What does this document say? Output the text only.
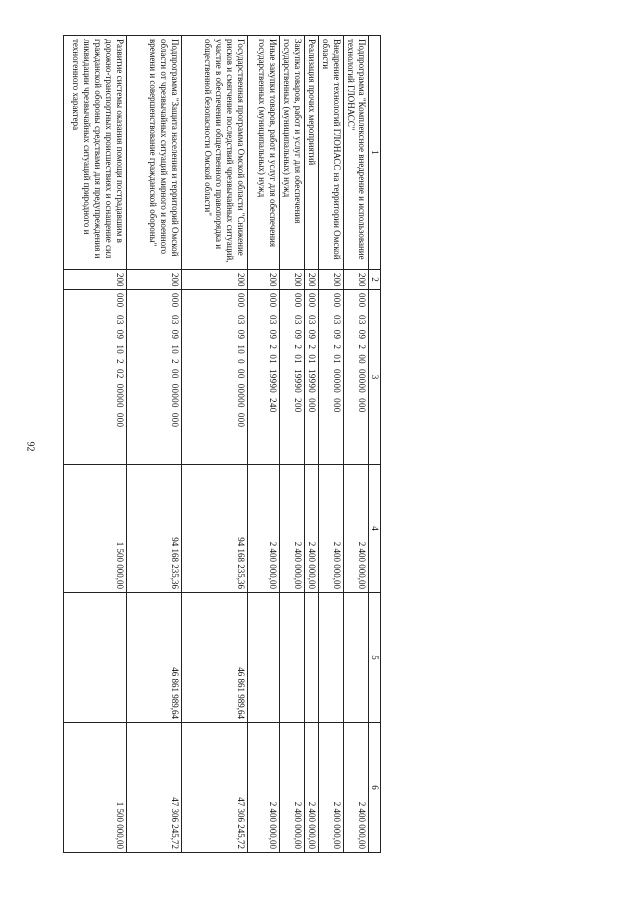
92
1	2	3	4	5	6
Подпрограмма "Комплексное внедрение и использование технологий ГЛОНАСС"	200	000   03  09  2  00  00000  000	2 400 000,00		2 400 000,00
Внедрение технологий ГЛОНАСС на территории Омской области	200	000   03  09  2  01  00000  000	2 400 000,00		2 400 000,00
Реализация прочих мероприятий	200	000   03  09  2  01  19990  000	2 400 000,00		2 400 000,00
Закупка товаров, работ и услуг для обеспечения государственных (муниципальных) нужд	200	000   03  09  2  01  19990  200	2 400 000,00		2 400 000,00
Иные закупки товаров, работ и услуг для обеспечения государственных (муниципальных) нужд	200	000   03  09  2  01  19990  240	2 400 000,00		2 400 000,00
Государственная программа Омской области "Снижение рисков и смягчение последствий чрезвычайных ситуаций, участие в обеспечении общественного правопорядка и общественной безопасности Омской области"	200	000   03  09  10  0  00  00000  000	94 168 235,36	46 861 989,64	47 306 245,72
Подпрограмма "Защита населения и территорий Омской области от чрезвычайных ситуаций мирного и военного времени и совершенствование гражданской обороны"	200	000   03  09  10  2  00  00000  000	94 168 235,36	46 861 989,64	47 306 245,72
Развитие системы оказания помощи пострадавшим в дорожно-транспортных происшествиях и оснащение сил гражданской обороны средствами для предупреждения и ликвидации чрезвычайных ситуаций природного и техногенного характера	200	000   03  09  10  2  02  00000  000	1 500 000,00		1 500 000,00
